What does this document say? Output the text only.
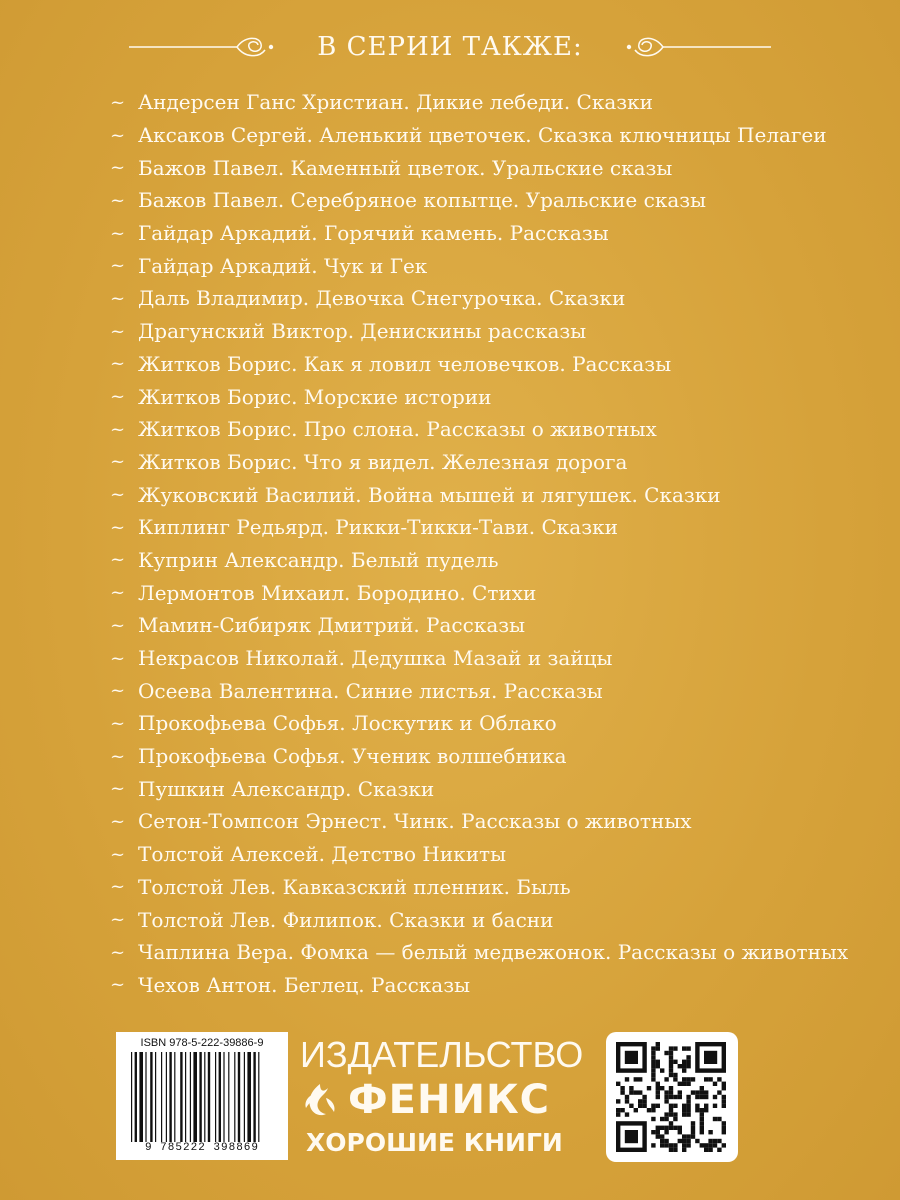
В СЕРИИ ТАКЖЕ:
~ Андерсен Ганс Христиан. Дикие лебеди. Сказки
~ Аксаков Сергей. Аленький цветочек. Сказка ключницы Пелагеи
~ Бажов Павел. Каменный цветок. Уральские сказы
~ Бажов Павел. Серебряное копытце. Уральские сказы
~ Гайдар Аркадий. Горячий камень. Рассказы
~ Гайдар Аркадий. Чук и Гек
~ Даль Владимир. Девочка Снегурочка. Сказки
~ Драгунский Виктор. Денискины рассказы
~ Житков Борис. Как я ловил человечков. Рассказы
~ Житков Борис. Морские истории
~ Житков Борис. Про слона. Рассказы о животных
~ Житков Борис. Что я видел. Железная дорога
~ Жуковский Василий. Война мышей и лягушек. Сказки
~ Киплинг Редьярд. Рикки-Тикки-Тави. Сказки
~ Куприн Александр. Белый пудель
~ Лермонтов Михаил. Бородино. Стихи
~ Мамин-Сибиряк Дмитрий. Рассказы
~ Некрасов Николай. Дедушка Мазай и зайцы
~ Осеева Валентина. Синие листья. Рассказы
~ Прокофьева Софья. Лоскутик и Облако
~ Прокофьева Софья. Ученик волшебника
~ Пушкин Александр. Сказки
~ Сетон-Томпсон Эрнест. Чинк. Рассказы о животных
~ Толстой Алексей. Детство Никиты
~ Толстой Лев. Кавказский пленник. Быль
~ Толстой Лев. Филипок. Сказки и басни
~ Чаплина Вера. Фомка — белый медвежонок. Рассказы о животных
~ Чехов Антон. Беглец. Рассказы
ISBN 978-5-222-39886-9
9 785222 398869
ИЗДАТЕЛЬСТВО
ФЕНИКС
ХОРОШИЕ КНИГИ
